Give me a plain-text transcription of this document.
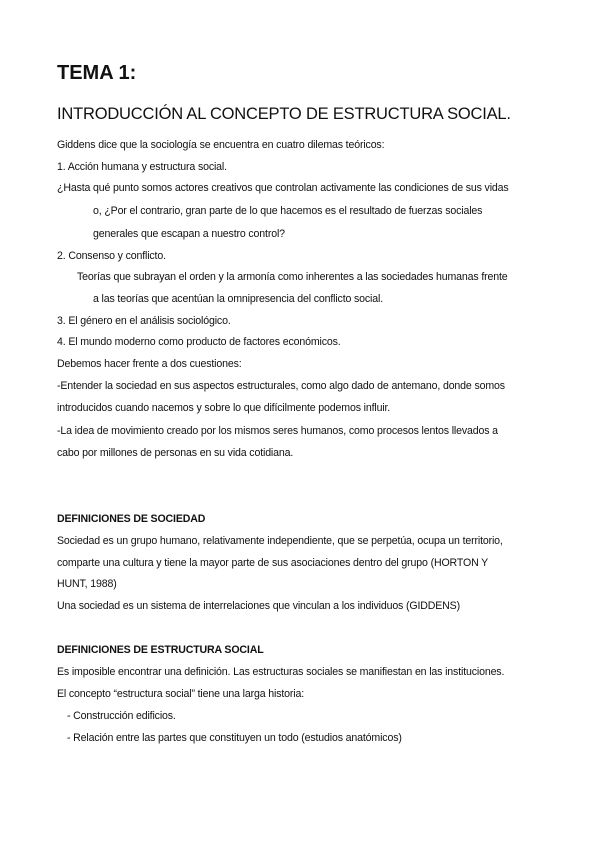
TEMA 1:
INTRODUCCIÓN AL CONCEPTO DE ESTRUCTURA SOCIAL.
Giddens dice que la sociología se encuentra en cuatro dilemas teóricos:
1. Acción humana y estructura social.
¿Hasta qué punto somos actores creativos que controlan activamente las condiciones de sus vidas
o, ¿Por el contrario, gran parte de lo que hacemos es el resultado de fuerzas sociales
generales que escapan a nuestro control?
2. Consenso y conflicto.
Teorías que subrayan el orden y la armonía como inherentes a las sociedades humanas frente
a las teorías que acentúan la omnipresencia del conflicto social.
3. El género en el análisis sociológico.
4. El mundo moderno como producto de factores económicos.
Debemos hacer frente a dos cuestiones:
-Entender la sociedad en sus aspectos estructurales, como algo dado de antemano, donde somos
introducidos cuando nacemos y sobre lo que difícilmente podemos influir.
-La idea de movimiento creado por los mismos seres humanos, como procesos lentos llevados a
cabo por millones de personas en su vida cotidiana.
DEFINICIONES DE SOCIEDAD
Sociedad es un grupo humano, relativamente independiente, que se perpetúa, ocupa un territorio,
comparte una cultura y tiene la mayor parte de sus asociaciones dentro del grupo (HORTON Y
HUNT, 1988)
Una sociedad es un sistema de interrelaciones que vinculan a los individuos (GIDDENS)
DEFINICIONES DE ESTRUCTURA SOCIAL
Es imposible encontrar una definición. Las estructuras sociales se manifiestan en las instituciones.
El concepto “estructura social” tiene una larga historia:
- Construcción edificios.
- Relación entre las partes que constituyen un todo (estudios anatómicos)
